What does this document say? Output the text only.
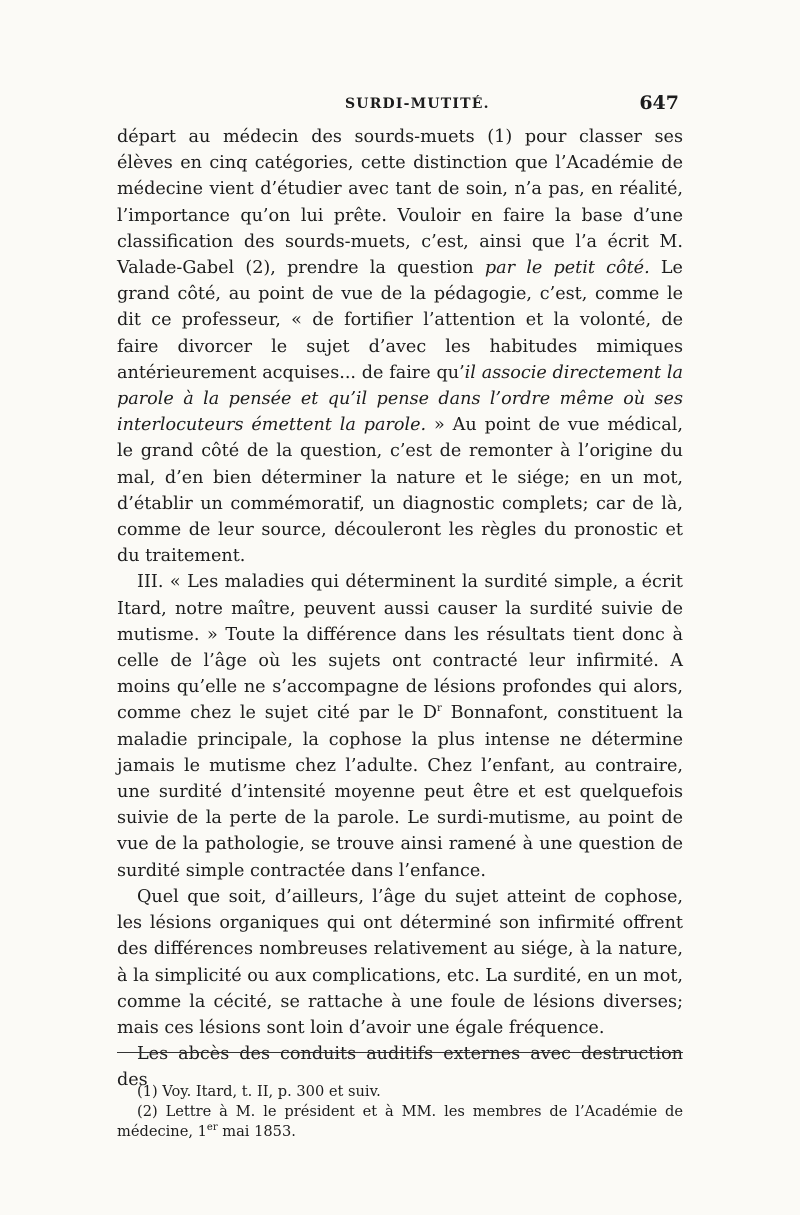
SURDI-MUTITÉ.	647

départ au médecin des sourds-muets (1) pour classer ses élèves en cinq catégories, cette distinction que l’Académie de médecine vient d’étudier avec tant de soin, n’a pas, en réalité, l’importance qu’on lui prête. Vouloir en faire la base d’une classification des sourds-muets, c’est, ainsi que l’a écrit M. Valade-Gabel (2), prendre la question par le petit côté. Le grand côté, au point de vue de la pédagogie, c’est, comme le dit ce professeur, « de fortifier l’attention et la volonté, de faire divorcer le sujet d’avec les habitudes mimiques antérieurement acquises... de faire qu’il associe directement la parole à la pensée et qu’il pense dans l’ordre même où ses interlocuteurs émettent la parole. » Au point de vue médical, le grand côté de la question, c’est de remonter à l’origine du mal, d’en bien déterminer la nature et le siége; en un mot, d’établir un commémoratif, un diagnostic complets; car de là, comme de leur source, découleront les règles du pronostic et du traitement.

III. « Les maladies qui déterminent la surdité simple, a écrit Itard, notre maître, peuvent aussi causer la surdité suivie de mutisme. » Toute la différence dans les résultats tient donc à celle de l’âge où les sujets ont contracté leur infirmité. A moins qu’elle ne s’accompagne de lésions profondes qui alors, comme chez le sujet cité par le $D^r$ Bonnafont, constituent la maladie principale, la cophose la plus intense ne détermine jamais le mutisme chez l’adulte. Chez l’enfant, au contraire, une surdité d’intensité moyenne peut être et est quelquefois suivie de la perte de la parole. Le surdi-mutisme, au point de vue de la pathologie, se trouve ainsi ramené à une question de surdité simple contractée dans l’enfance.

Quel que soit, d’ailleurs, l’âge du sujet atteint de cophose, les lésions organiques qui ont déterminé son infirmité offrent des différences nombreuses relativement au siége, à la nature, à la simplicité ou aux complications, etc. La surdité, en un mot, comme la cécité, se rattache à une foule de lésions diverses; mais ces lésions sont loin d’avoir une égale fréquence.

Les abcès des conduits auditifs externes avec destruction des

(1) Voy. Itard, t. II, p. 300 et suiv.

(2) Lettre à M. le président et à MM. les membres de l’Académie de médecine, 1er mai 1853.
